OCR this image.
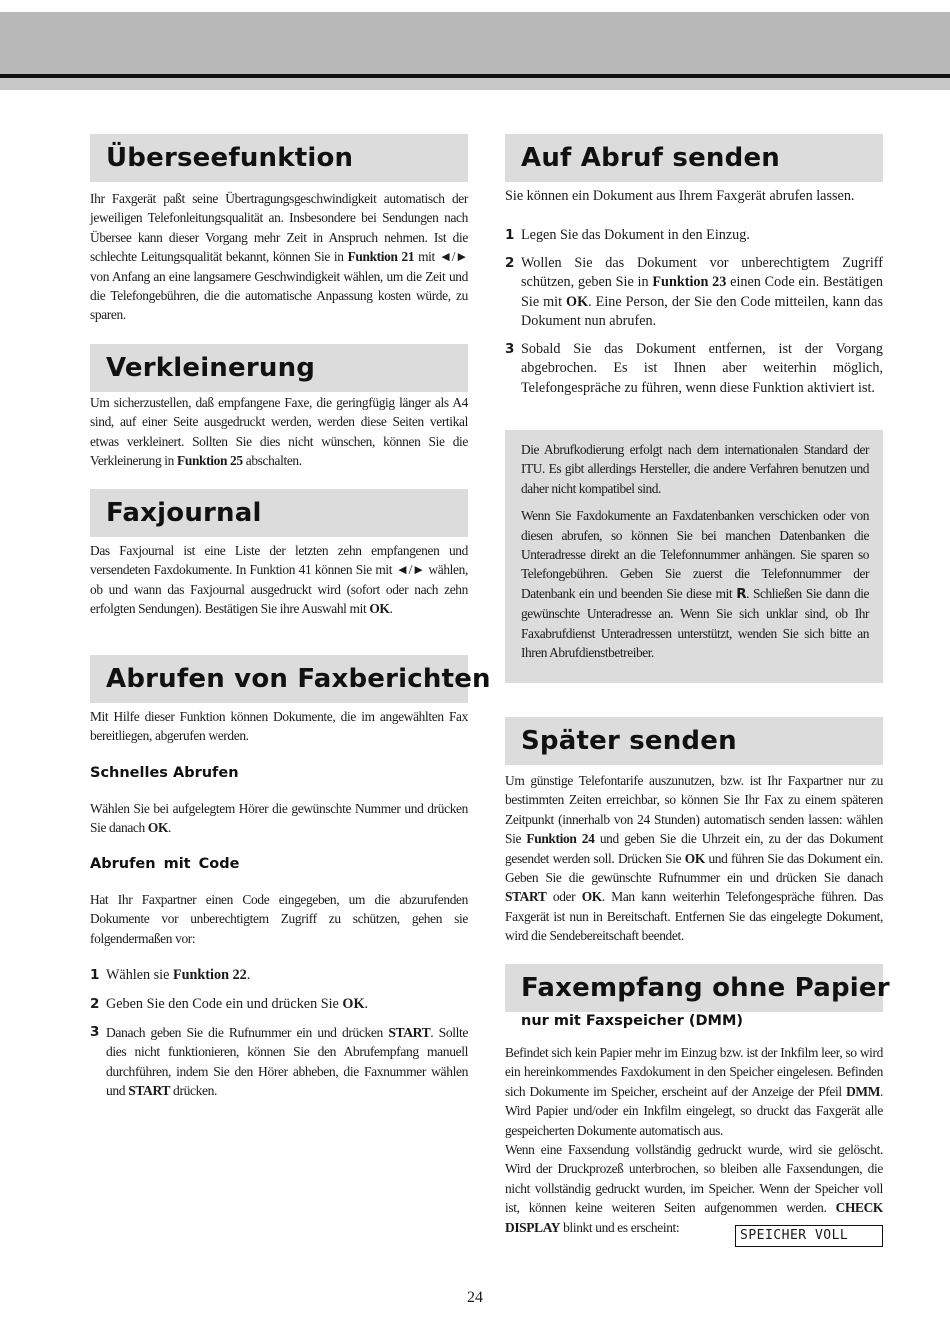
Überseefunktion
Ihr Faxgerät paßt seine Übertragungsgeschwindigkeit automatisch der jeweiligen Telefonleitungsqualität an. Insbesondere bei Sendungen nach Übersee kann dieser Vorgang mehr Zeit in Anspruch nehmen. Ist die schlechte Leitungsqualität bekannt, können Sie in Funktion 21 mit ◄/► von Anfang an eine langsamere Geschwindigkeit wählen, um die Zeit und die Telefongebühren, die die automatische Anpassung kosten würde, zu sparen.
Verkleinerung
Um sicherzustellen, daß empfangene Faxe, die geringfügig länger als A4 sind, auf einer Seite ausgedruckt werden, werden diese Seiten vertikal etwas verkleinert. Sollten Sie dies nicht wünschen, können Sie die Verkleinerung in Funktion 25 abschalten.
Faxjournal
Das Faxjournal ist eine Liste der letzten zehn empfangenen und versendeten Faxdokumente. In Funktion 41 können Sie mit ◄/► wählen, ob und wann das Faxjournal ausgedruckt wird (sofort oder nach zehn erfolgten Sendungen). Bestätigen Sie ihre Auswahl mit OK.
Abrufen von Faxberichten
Mit Hilfe dieser Funktion können Dokumente, die im angewählten Fax bereitliegen, abgerufen werden.
Schnelles Abrufen
Wählen Sie bei aufgelegtem Hörer die gewünschte Nummer und drücken Sie danach OK.
Abrufen mit Code
Hat Ihr Faxpartner einen Code eingegeben, um die abzurufenden Dokumente vor unberechtigtem Zugriff zu schützen, gehen sie folgendermaßen vor:
1 Wählen sie Funktion 22.
2 Geben Sie den Code ein und drücken Sie OK.
3 Danach geben Sie die Rufnummer ein und drücken START. Sollte dies nicht funktionieren, können Sie den Abrufempfang manuell durchführen, indem Sie den Hörer abheben, die Faxnummer wählen und START drücken.
Auf Abruf senden
Sie können ein Dokument aus Ihrem Faxgerät abrufen lassen.
1 Legen Sie das Dokument in den Einzug.
2 Wollen Sie das Dokument vor unberechtigtem Zugriff schützen, geben Sie in Funktion 23 einen Code ein. Bestätigen Sie mit OK. Eine Person, der Sie den Code mitteilen, kann das Dokument nun abrufen.
3 Sobald Sie das Dokument entfernen, ist der Vorgang abgebrochen. Es ist Ihnen aber weiterhin möglich, Telefongespräche zu führen, wenn diese Funktion aktiviert ist.

Die Abrufkodierung erfolgt nach dem internationalen Standard der ITU. Es gibt allerdings Hersteller, die andere Verfahren benutzen und daher nicht kompatibel sind.

Wenn Sie Faxdokumente an Faxdatenbanken verschicken oder von diesen abrufen, so können Sie bei manchen Datenbanken die Unteradresse direkt an die Telefonnummer anhängen. Sie sparen so Telefongebühren. Geben Sie zuerst die Telefonnummer der Datenbank ein und beenden Sie diese mit R. Schließen Sie dann die gewünschte Unteradresse an. Wenn Sie sich unklar sind, ob Ihr Faxabrufdienst Unteradressen unterstützt, wenden Sie sich bitte an Ihren Abrufdienstbetreiber.

Später senden
Um günstige Telefontarife auszunutzen, bzw. ist Ihr Faxpartner nur zu bestimmten Zeiten erreichbar, so können Sie Ihr Fax zu einem späteren Zeitpunkt (innerhalb von 24 Stunden) automatisch senden lassen: wählen Sie Funktion 24 und geben Sie die Uhrzeit ein, zu der das Dokument gesendet werden soll. Drücken Sie OK und führen Sie das Dokument ein. Geben Sie die gewünschte Rufnummer ein und drücken Sie danach START oder OK. Man kann weiterhin Telefongespräche führen. Das Faxgerät ist nun in Bereitschaft. Entfernen Sie das eingelegte Dokument, wird die Sendebereitschaft beendet.
Faxempfang ohne Papier
nur mit Faxspeicher (DMM)
Befindet sich kein Papier mehr im Einzug bzw. ist der Inkfilm leer, so wird ein hereinkommendes Faxdokument in den Speicher eingelesen. Befinden sich Dokumente im Speicher, erscheint auf der Anzeige der Pfeil DMM. Wird Papier und/oder ein Inkfilm eingelegt, so druckt das Faxgerät alle gespeicherten Dokumente automatisch aus.
Wenn eine Faxsendung vollständig gedruckt wurde, wird sie gelöscht. Wird der Druckprozeß unterbrochen, so bleiben alle Faxsendungen, die nicht vollständig gedruckt wurden, im Speicher. Wenn der Speicher voll ist, können keine weiteren Seiten aufgenommen werden. CHECK DISPLAY blinkt und es erscheint:
SPEICHER VOLL
24
